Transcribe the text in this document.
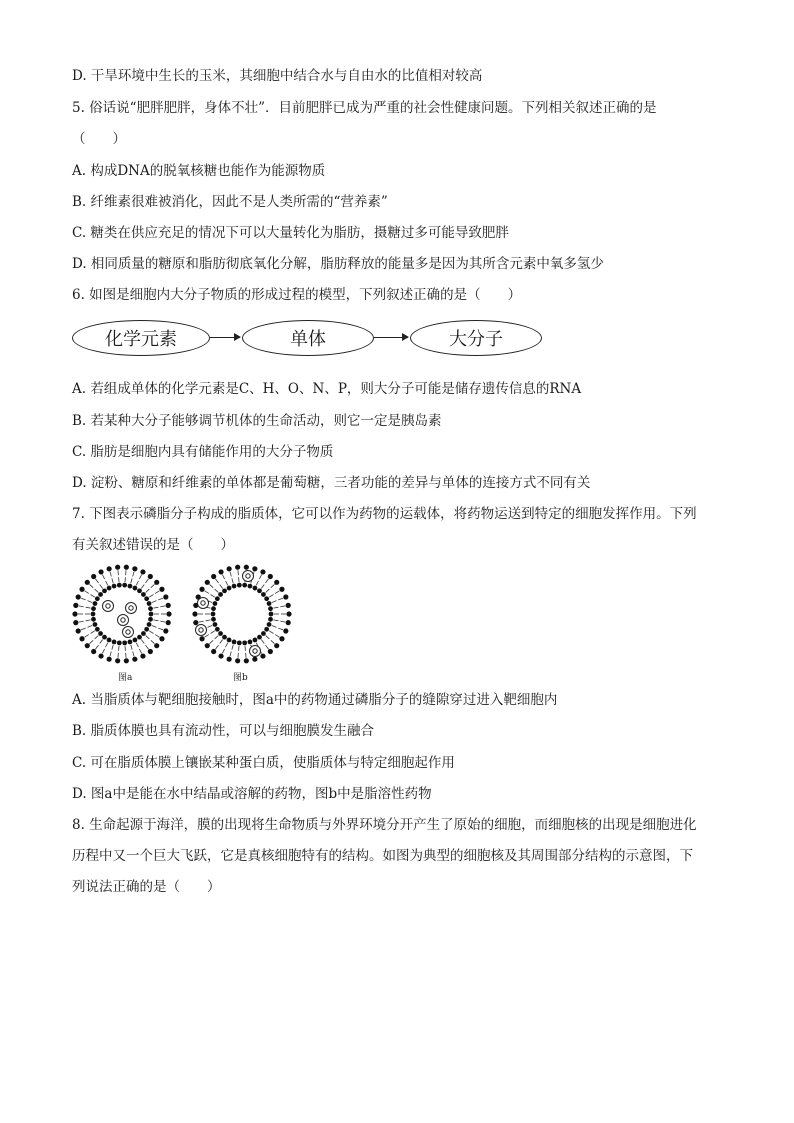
D. 干旱环境中生长的玉米，其细胞中结合水与自由水的比值相对较高
5. 俗话说“肥胖肥胖，身体不壮”．目前肥胖已成为严重的社会性健康问题。下列相关叙述正确的是
（　　）
A. 构成DNA的脱氧核糖也能作为能源物质
B. 纤维素很难被消化，因此不是人类所需的“营养素”
C. 糖类在供应充足的情况下可以大量转化为脂肪，摄糖过多可能导致肥胖
D. 相同质量的糖原和脂肪彻底氧化分解，脂肪释放的能量多是因为其所含元素中氧多氢少
6. 如图是细胞内大分子物质的形成过程的模型，下列叙述正确的是（　　）
化学元素	单体	大分子
A. 若组成单体的化学元素是C、H、O、N、P，则大分子可能是储存遗传信息的RNA
B. 若某种大分子能够调节机体的生命活动，则它一定是胰岛素
C. 脂肪是细胞内具有储能作用的大分子物质
D. 淀粉、糖原和纤维素的单体都是葡萄糖，三者功能的差异与单体的连接方式不同有关
7. 下图表示磷脂分子构成的脂质体，它可以作为药物的运载体，将药物运送到特定的细胞发挥作用。下列
有关叙述错误的是（　　）
图a	图b
A. 当脂质体与靶细胞接触时，图a中的药物通过磷脂分子的缝隙穿过进入靶细胞内
B. 脂质体膜也具有流动性，可以与细胞膜发生融合
C. 可在脂质体膜上镶嵌某种蛋白质，使脂质体与特定细胞起作用
D. 图a中是能在水中结晶或溶解的药物，图b中是脂溶性药物
8. 生命起源于海洋，膜的出现将生命物质与外界环境分开产生了原始的细胞，而细胞核的出现是细胞进化
历程中又一个巨大飞跃，它是真核细胞特有的结构。如图为典型的细胞核及其周围部分结构的示意图，下
列说法正确的是（　　）
